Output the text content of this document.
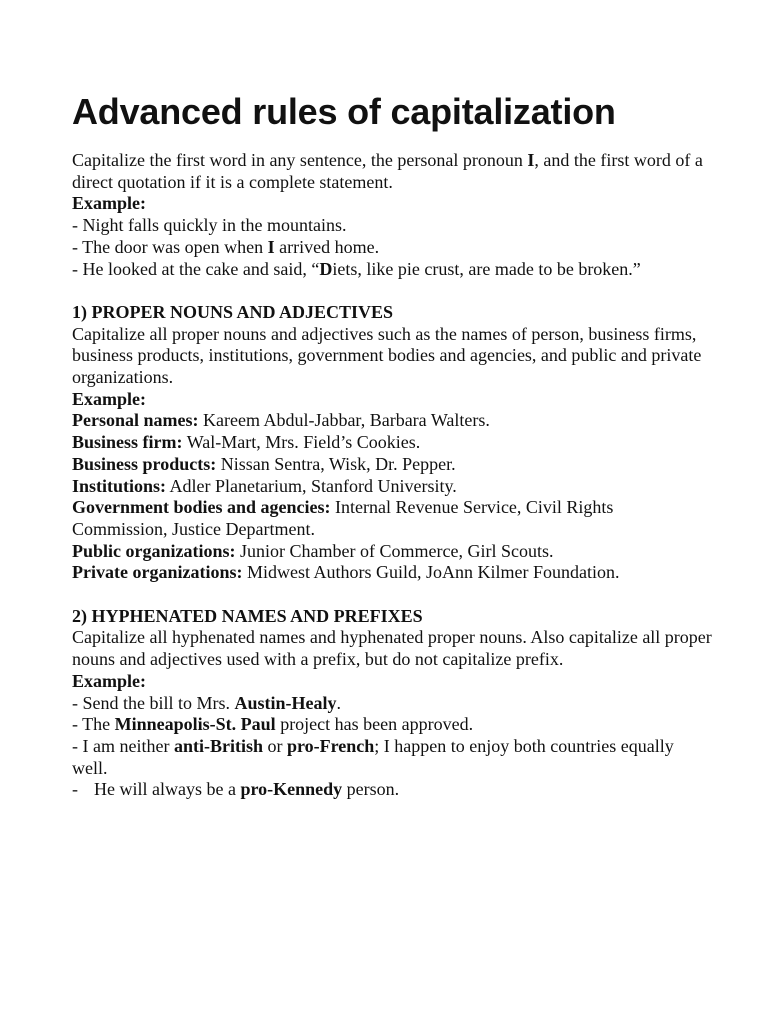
Advanced rules of capitalization

Capitalize the first word in any sentence, the personal pronoun I, and the first word of a direct quotation if it is a complete statement.

Example:

- Night falls quickly in the mountains.

- The door was open when I arrived home.

- He looked at the cake and said, “Diets, like pie crust, are made to be broken.”

1) PROPER NOUNS AND ADJECTIVES

Capitalize all proper nouns and adjectives such as the names of person, business firms, business products, institutions, government bodies and agencies, and public and private organizations.

Example:

Personal names: Kareem Abdul-Jabbar, Barbara Walters.

Business firm: Wal-Mart, Mrs. Field’s Cookies.

Business products: Nissan Sentra, Wisk, Dr. Pepper.

Institutions: Adler Planetarium, Stanford University.

Government bodies and agencies: Internal Revenue Service, Civil Rights Commission, Justice Department.

Public organizations: Junior Chamber of Commerce, Girl Scouts.

Private organizations: Midwest Authors Guild, JoAnn Kilmer Foundation.

2) HYPHENATED NAMES AND PREFIXES

Capitalize all hyphenated names and hyphenated proper nouns. Also capitalize all proper nouns and adjectives used with a prefix, but do not capitalize prefix.

Example:

- Send the bill to Mrs. Austin-Healy.

- The Minneapolis-St. Paul project has been approved.

- I am neither anti-British or pro-French; I happen to enjoy both countries equally well.

- He will always be a pro-Kennedy person.
